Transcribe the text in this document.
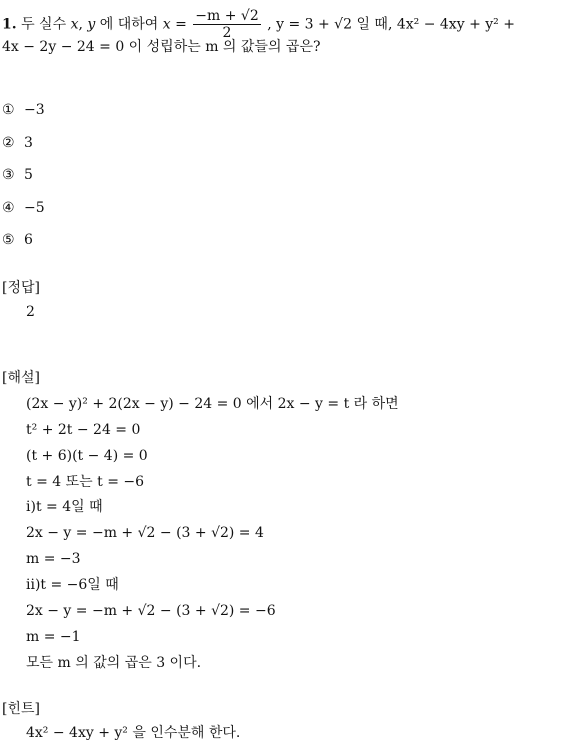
1. 두 실수 x, y 에 대하여 $x = \frac{-m + √2}{2}$ , y = 3 + √2 일 때, 4x² − 4xy + y² +
4x − 2y − 24 = 0 이 성립하는 m 의 값들의 곱은?
① −3
② 3
③ 5
④ −5
⑤ 6
[정답]
2
[해설]
(2x − y)² + 2(2x − y) − 24 = 0 에서 2x − y = t 라 하면
t² + 2t − 24 = 0
(t + 6)(t − 4) = 0
t = 4 또는 t = −6
i)t = 4일 때
2x − y = −m + √2 − (3 + √2) = 4
m = −3
ii)t = −6일 때
2x − y = −m + √2 − (3 + √2) = −6
m = −1
모든 m 의 값의 곱은 3 이다.
[힌트]
4x² − 4xy + y² 을 인수분해 한다.
